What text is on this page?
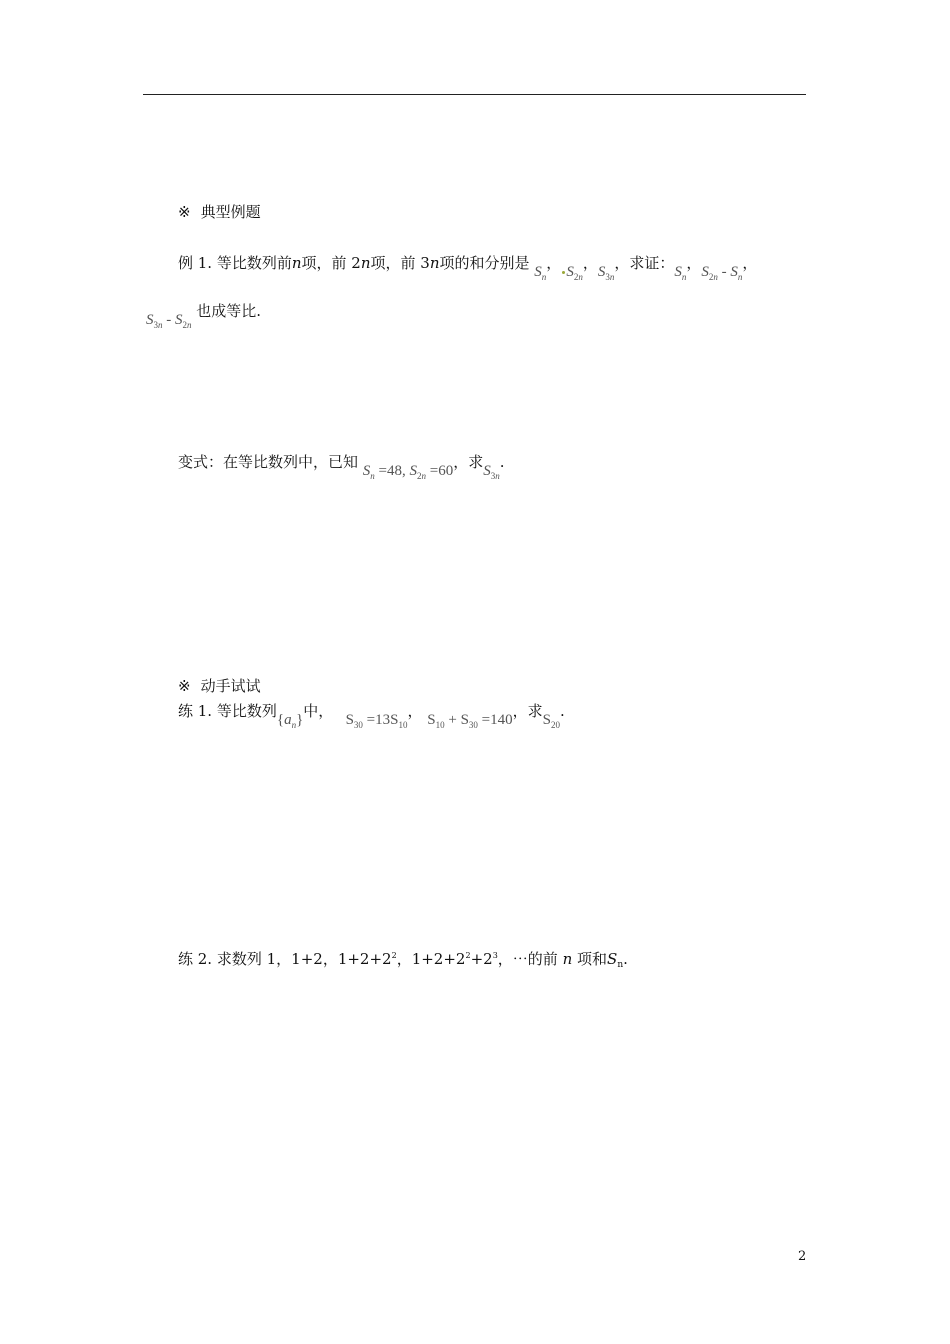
※ 典型例题
例 1. 等比数列前n项，前 2n项，前 3n项的和分别是 $S_n$， $S_{2n}$，$S_{3n}$，求证：$S_n$，$S_{2n} - S_n$，
$S_{3n} - S_{2n}$ 也成等比.
变式：在等比数列中，已知 $S_n =48$, $S_{2n} =60$，求$S_{3n}$.
※ 动手试试
练 1. 等比数列$\{a_n\}$中，   $S_{30} =13S_{10}$， $S_{10} + S_{30} =140$，求$S_{20}$.
练 2. 求数列 1，1+2，$1+2+2^2$，$1+2+2^2+2^3$，⋯的前 n 项和$S_n$.
2
